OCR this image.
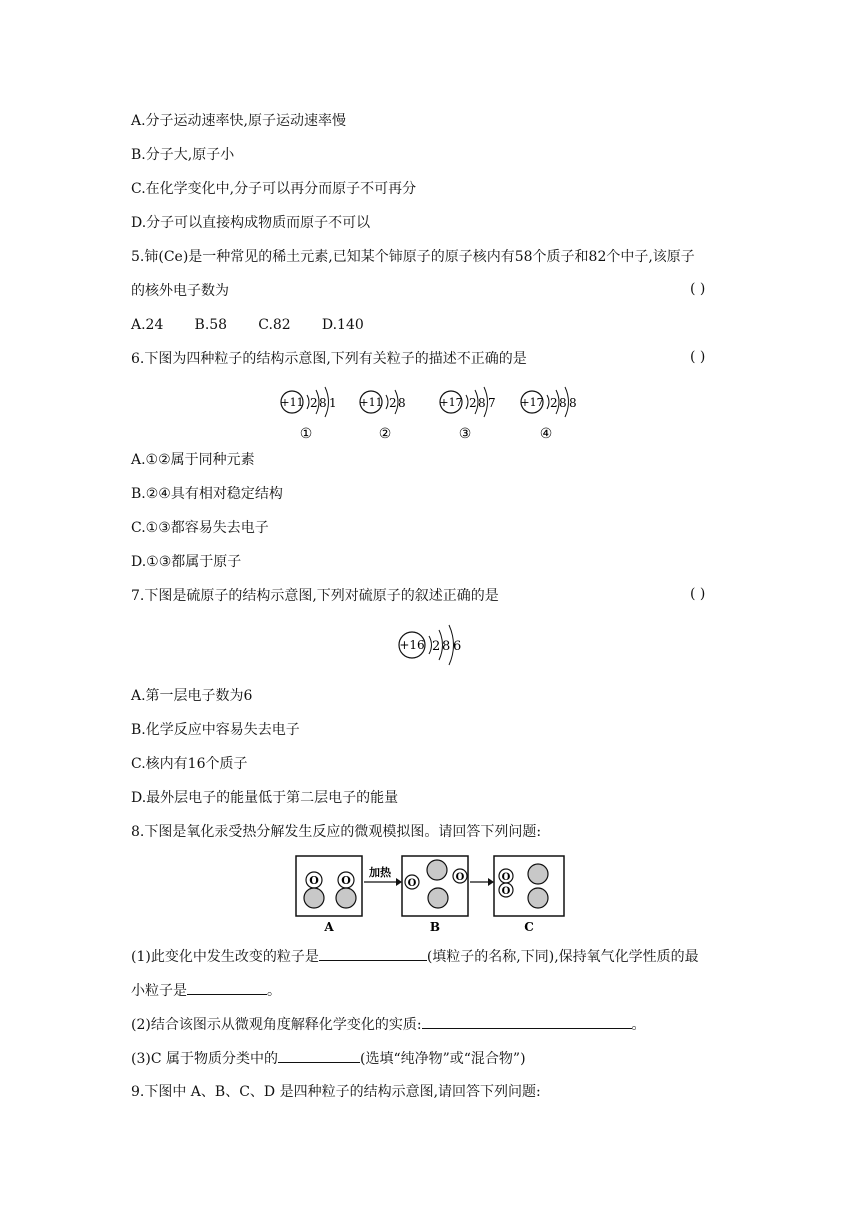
A.分子运动速率快,原子运动速率慢
B.分子大,原子小
C.在化学变化中,分子可以再分而原子不可再分
D.分子可以直接构成物质而原子不可以
5.铈(Ce)是一种常见的稀土元素,已知某个铈原子的原子核内有58个质子和82个中子,该原子
的核外电子数为	( )
A.24       B.58       C.82       D.140
6.下图为四种粒子的结构示意图,下列有关粒子的描述不正确的是	( )
+11 2 8 1
①
+11 2 8
②
+17 2 8 7
③
+17 2 8 8
④
A.①②属于同种元素
B.②④具有相对稳定结构
C.①③都容易失去电子
D.①③都属于原子
7.下图是硫原子的结构示意图,下列对硫原子的叙述正确的是	( )
+16 2 8 6
A.第一层电子数为6
B.化学反应中容易失去电子
C.核内有16个质子
D.最外层电子的能量低于第二层电子的能量
8.下图是氧化汞受热分解发生反应的微观模拟图。请回答下列问题:
O O
A
加热
O
O
B
O
O
C
(1)此变化中发生改变的粒子是	(填粒子的名称,下同),保持氧气化学性质的最
小粒子是	。
(2)结合该图示从微观角度解释化学变化的实质:	。
(3)C 属于物质分类中的	(选填“纯净物”或“混合物”)
9.下图中 A、B、C、D 是四种粒子的结构示意图,请回答下列问题:
